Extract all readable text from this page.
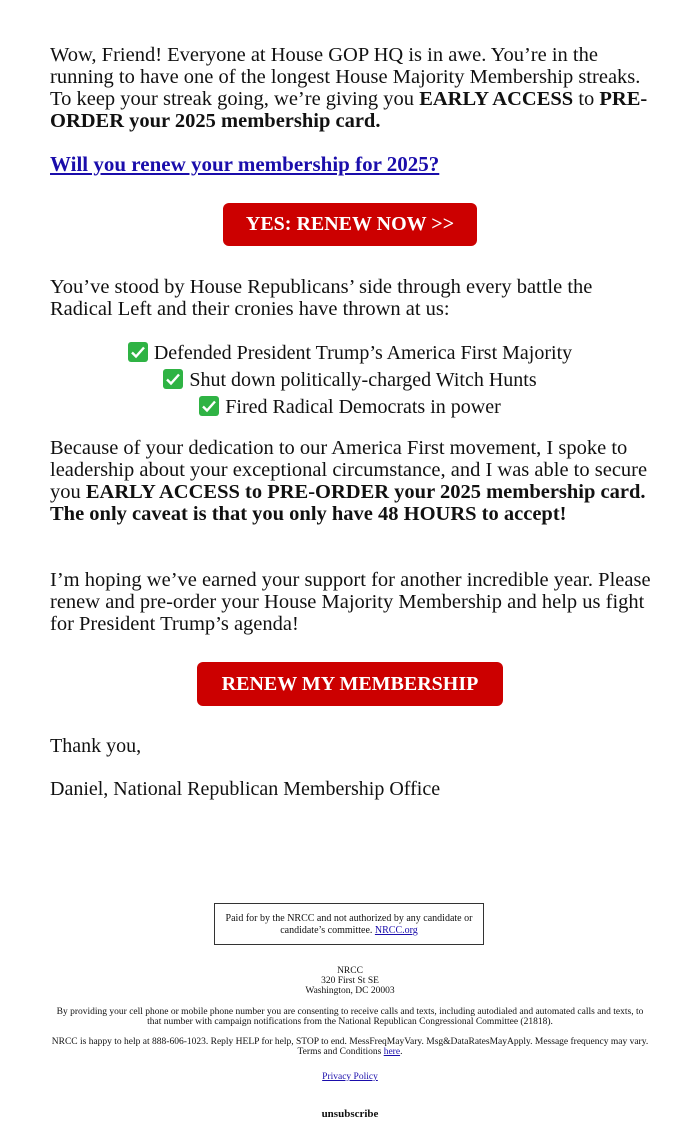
Wow, Friend! Everyone at House GOP HQ is in awe. You’re in the running to have one of the longest House Majority Membership streaks. To keep your streak going, we’re giving you EARLY ACCESS to PRE-ORDER your 2025 membership card.

Will you renew your membership for 2025?
YES: RENEW NOW >>

You’ve stood by House Republicans’ side through every battle the Radical Left and their cronies have thrown at us:

Defended President Trump’s America First Majority
Shut down politically-charged Witch Hunts
Fired Radical Democrats in power

Because of your dedication to our America First movement, I spoke to leadership about your exceptional circumstance, and I was able to secure you EARLY ACCESS to PRE-ORDER your 2025 membership card. The only caveat is that you only have 48 HOURS to accept!

I’m hoping we’ve earned your support for another incredible year. Please renew and pre-order your House Majority Membership and help us fight for President Trump’s agenda!

RENEW MY MEMBERSHIP
Thank you,
Daniel, National Republican Membership Office
Paid for by the NRCC and not authorized by any candidate or candidate’s committee. NRCC.org
NRCC
320 First St SE
Washington, DC 20003
By providing your cell phone or mobile phone number you are consenting to receive calls and texts, including autodialed and automated calls and texts, to that number with campaign notifications from the National Republican Congressional Committee (21818).
NRCC is happy to help at 888-606-1023. Reply HELP for help, STOP to end. MessFreqMayVary. Msg&DataRatesMayApply. Message frequency may vary. Terms and Conditions here.
Privacy Policy
unsubscribe
